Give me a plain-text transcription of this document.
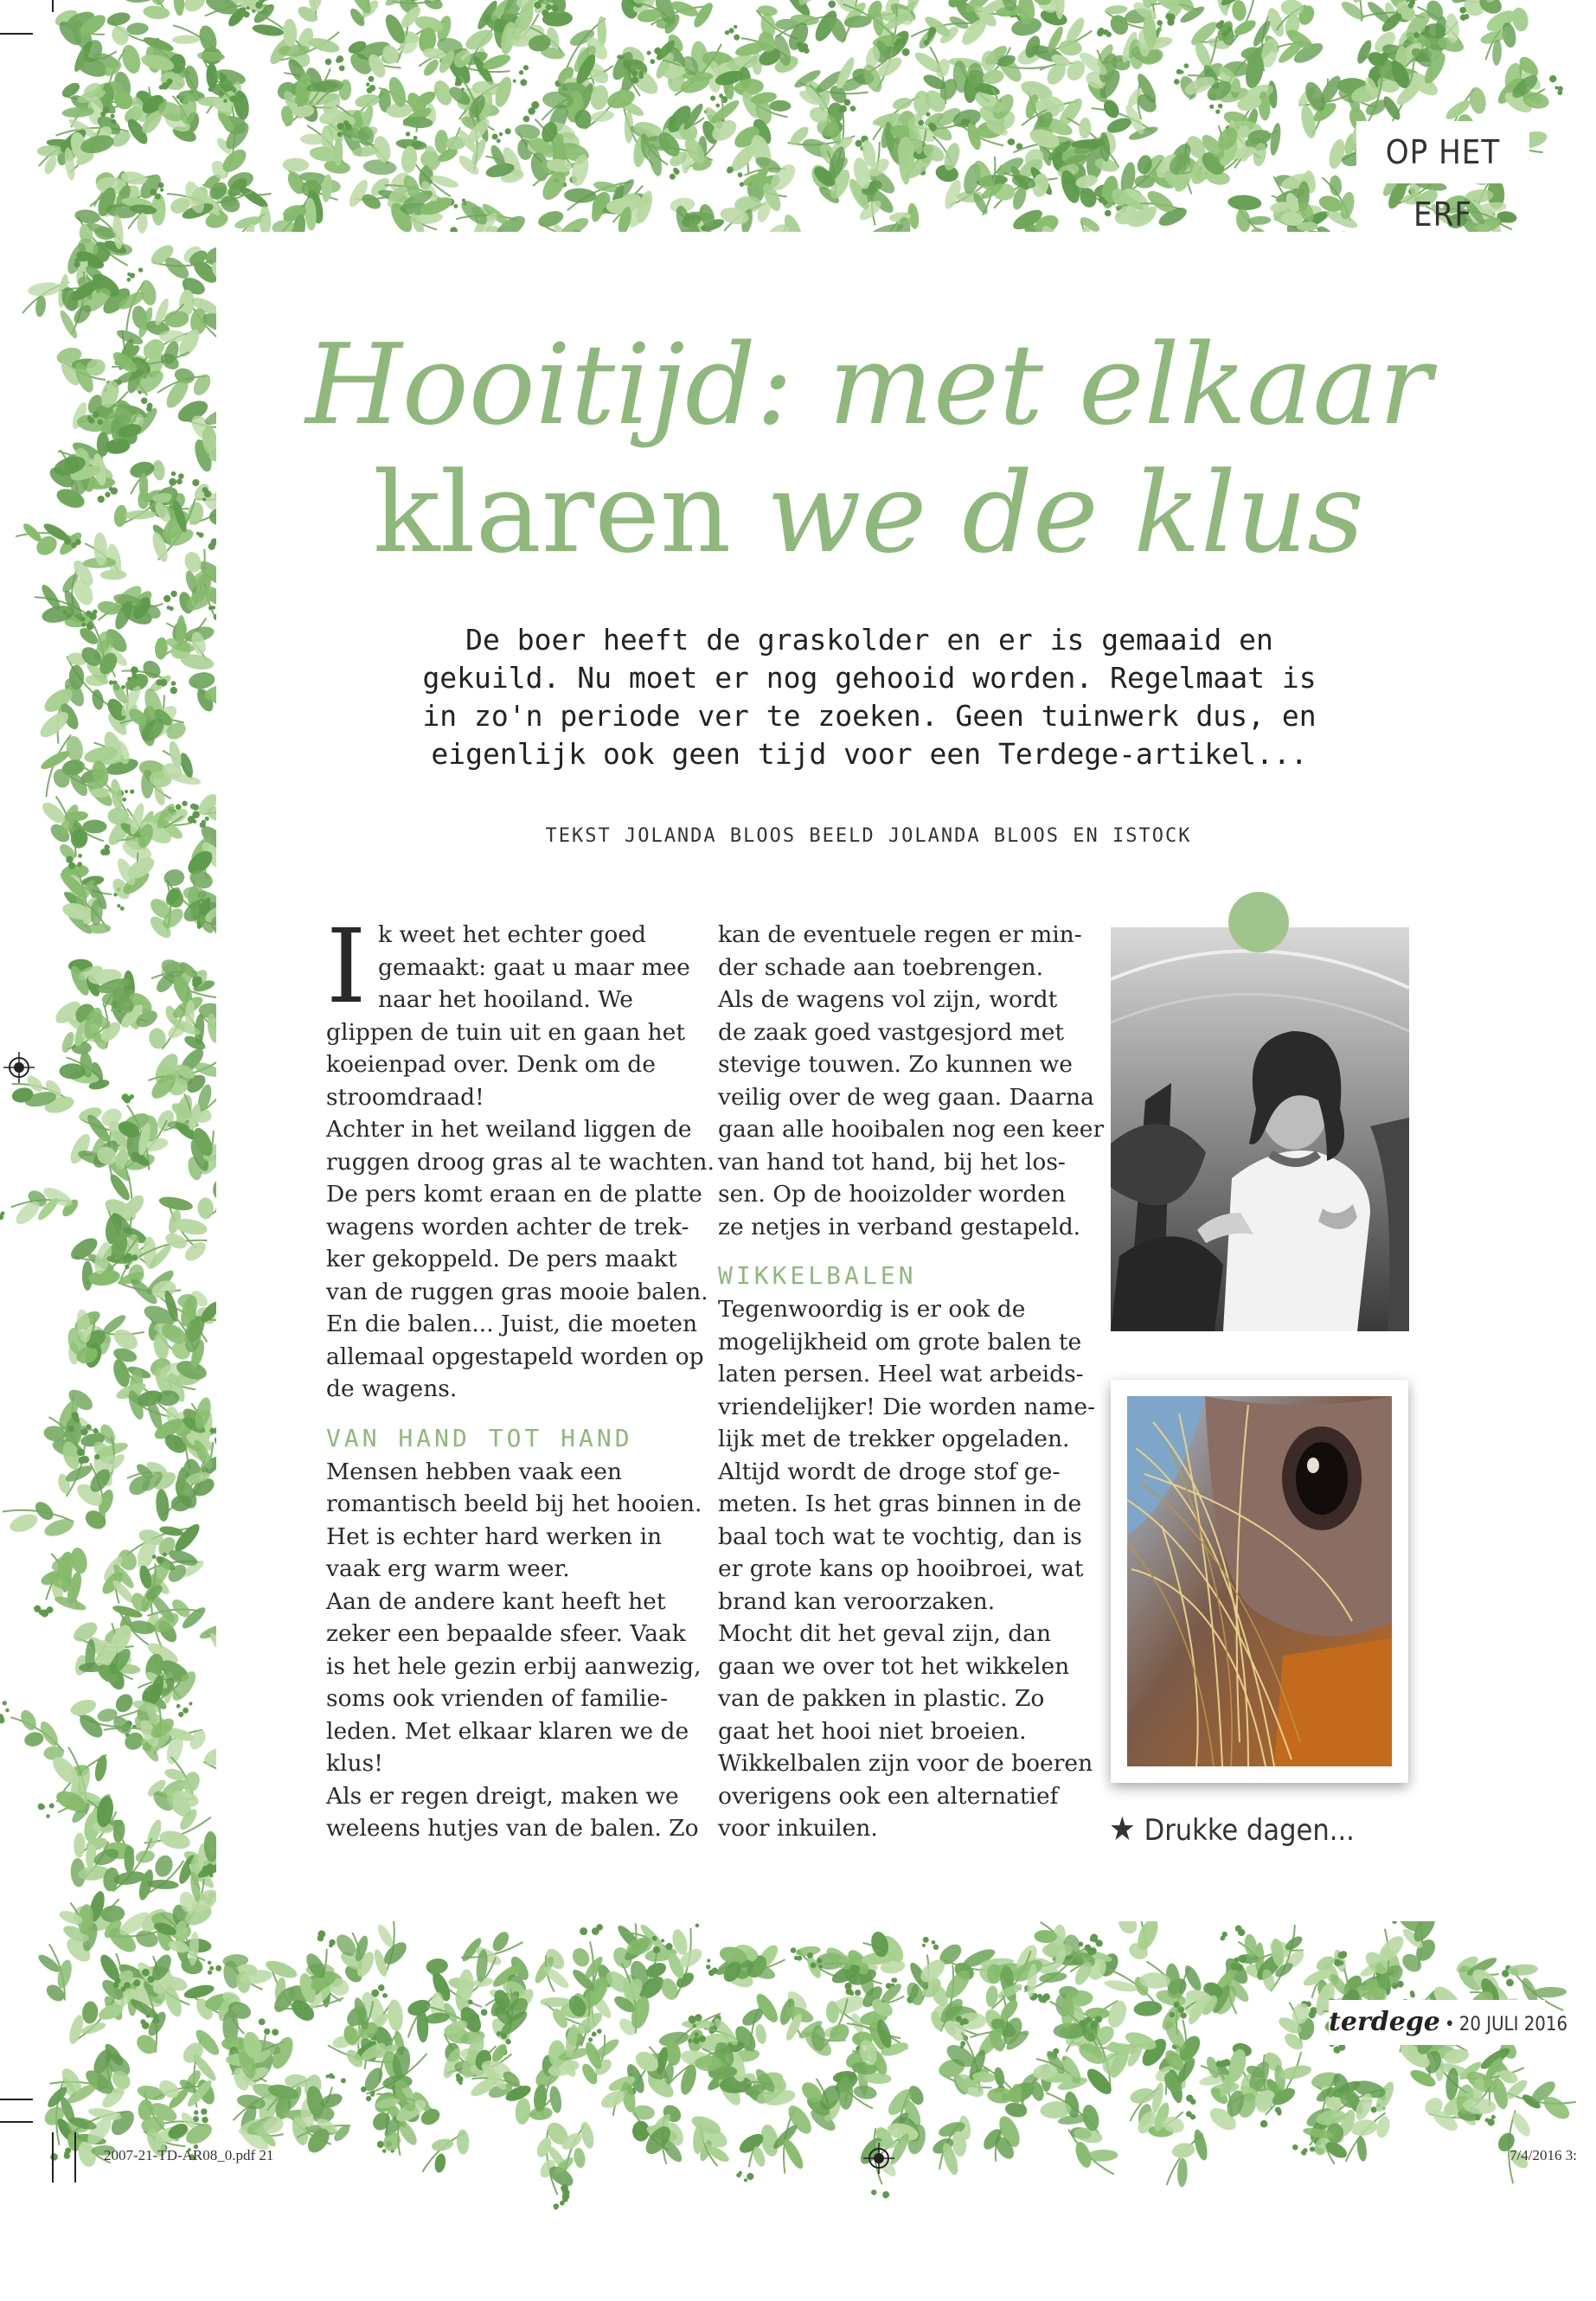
OP HET ERF
Hooitijd: met elkaar
klaren we de klus
De boer heeft de graskolder en er is gemaaid en
gekuild. Nu moet er nog gehooid worden. Regelmaat is
in zo'n periode ver te zoeken. Geen tuinwerk dus, en
eigenlijk ook geen tijd voor een Terdege-artikel...
TEKST JOLANDA BLOOS BEELD JOLANDA BLOOS EN ISTOCK
I k weet het echter goed
gemaakt: gaat u maar mee
naar het hooiland. We
glippen de tuin uit en gaan het
koeienpad over. Denk om de
stroomdraad!
Achter in het weiland liggen de
ruggen droog gras al te wachten.
De pers komt eraan en de platte
wagens worden achter de trek-
ker gekoppeld. De pers maakt
van de ruggen gras mooie balen.
En die balen... Juist, die moeten
allemaal opgestapeld worden op
de wagens.
VAN HAND TOT HAND
Mensen hebben vaak een
romantisch beeld bij het hooien.
Het is echter hard werken in
vaak erg warm weer.
Aan de andere kant heeft het
zeker een bepaalde sfeer. Vaak
is het hele gezin erbij aanwezig,
soms ook vrienden of familie-
leden. Met elkaar klaren we de
klus!
Als er regen dreigt, maken we
weleens hutjes van de balen. Zo
kan de eventuele regen er min-
der schade aan toebrengen.
Als de wagens vol zijn, wordt
de zaak goed vastgesjord met
stevige touwen. Zo kunnen we
veilig over de weg gaan. Daarna
gaan alle hooibalen nog een keer
van hand tot hand, bij het los-
sen. Op de hooizolder worden
ze netjes in verband gestapeld.
WIKKELBALEN
Tegenwoordig is er ook de
mogelijkheid om grote balen te
laten persen. Heel wat arbeids-
vriendelijker! Die worden name-
lijk met de trekker opgeladen.
Altijd wordt de droge stof ge-
meten. Is het gras binnen in de
baal toch wat te vochtig, dan is
er grote kans op hooibroei, wat
brand kan veroorzaken.
Mocht dit het geval zijn, dan
gaan we over tot het wikkelen
van de pakken in plastic. Zo
gaat het hooi niet broeien.
Wikkelbalen zijn voor de boeren
overigens ook een alternatief
voor inkuilen.	★ Drukke dagen...
terdege • 20 JULI 2016
2007-21-TD-AR08_0.pdf 21	7/4/2016 3:
